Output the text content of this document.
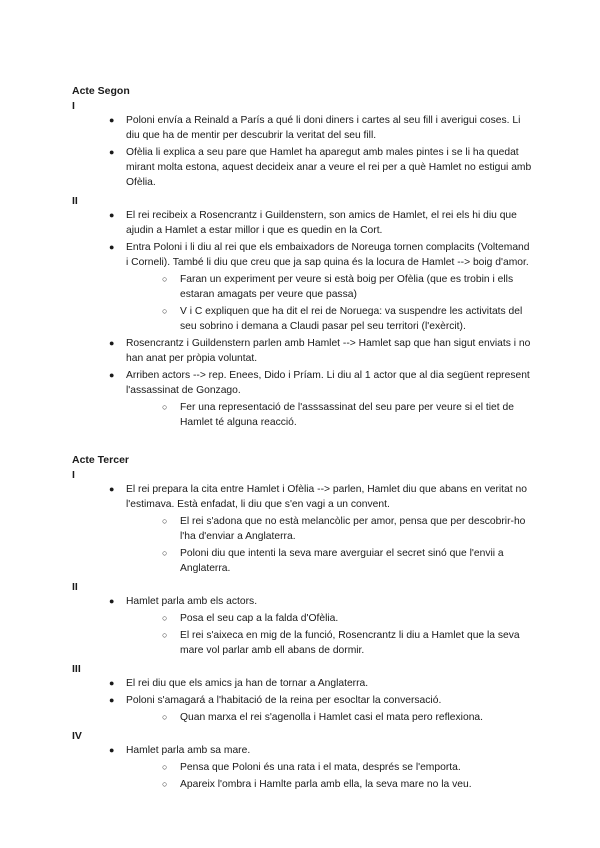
Acte Segon
I
● Poloni envía a Reinald a París a qué li doni diners i cartes al seu fill i averigui coses. Li diu que ha de mentir per descubrir la veritat del seu fill.
● Ofèlia li explica a seu pare que Hamlet ha aparegut amb males pintes i se li ha quedat mirant molta estona, aquest decideix anar a veure el rei per a què Hamlet no estigui amb Ofèlia.
II
● El rei recibeix a Rosencrantz i Guildenstern, son amics de Hamlet, el rei els hi diu que ajudin a Hamlet a estar millor i que es quedin en la Cort.
● Entra Poloni i li diu al rei que els embaixadors de Noreuga tornen complacits (Voltemand i Corneli). També li diu que creu que ja sap quina és la locura de Hamlet --> boig d'amor.
○ Faran un experiment per veure si està boig per Ofèlia (que es trobin i ells estaran amagats per veure que passa)
○ V i C expliquen que ha dit el rei de Noruega: va suspendre les activitats del seu sobrino i demana a Claudi pasar pel seu territori (l'exèrcit).
● Rosencrantz i Guildenstern parlen amb Hamlet --> Hamlet sap que han sigut enviats i no han anat per pròpia voluntat.
● Arriben actors --> rep. Enees, Dido i Príam. Li diu al 1 actor que al dia següent represent l'assassinat de Gonzago.
○ Fer una representació de l'asssassinat del seu pare per veure si el tiet de Hamlet té alguna reacció.
Acte Tercer
I
● El rei prepara la cita entre Hamlet i Ofèlia --> parlen, Hamlet diu que abans en veritat no l'estimava. Està enfadat, li diu que s'en vagi a un convent.
○ El rei s'adona que no està melancòlic per amor, pensa que per descobrir-ho l'ha d'enviar a Anglaterra.
○ Poloni diu que intenti la seva mare averguiar el secret sinó que l'envii a Anglaterra.
II
● Hamlet parla amb els actors.
○ Posa el seu cap a la falda d'Ofèlia.
○ El rei s'aixeca en mig de la funció, Rosencrantz li diu a Hamlet que la seva mare vol parlar amb ell abans de dormir.
III
● El rei diu que els amics ja han de tornar a Anglaterra.
● Poloni s'amagará a l'habitació de la reina per esocltar la conversació.
○ Quan marxa el rei s'agenolla i Hamlet casi el mata pero reflexiona.
IV
● Hamlet parla amb sa mare.
○ Pensa que Poloni és una rata i el mata, després se l'emporta.
○ Apareix l'ombra i Hamlte parla amb ella, la seva mare no la veu.
